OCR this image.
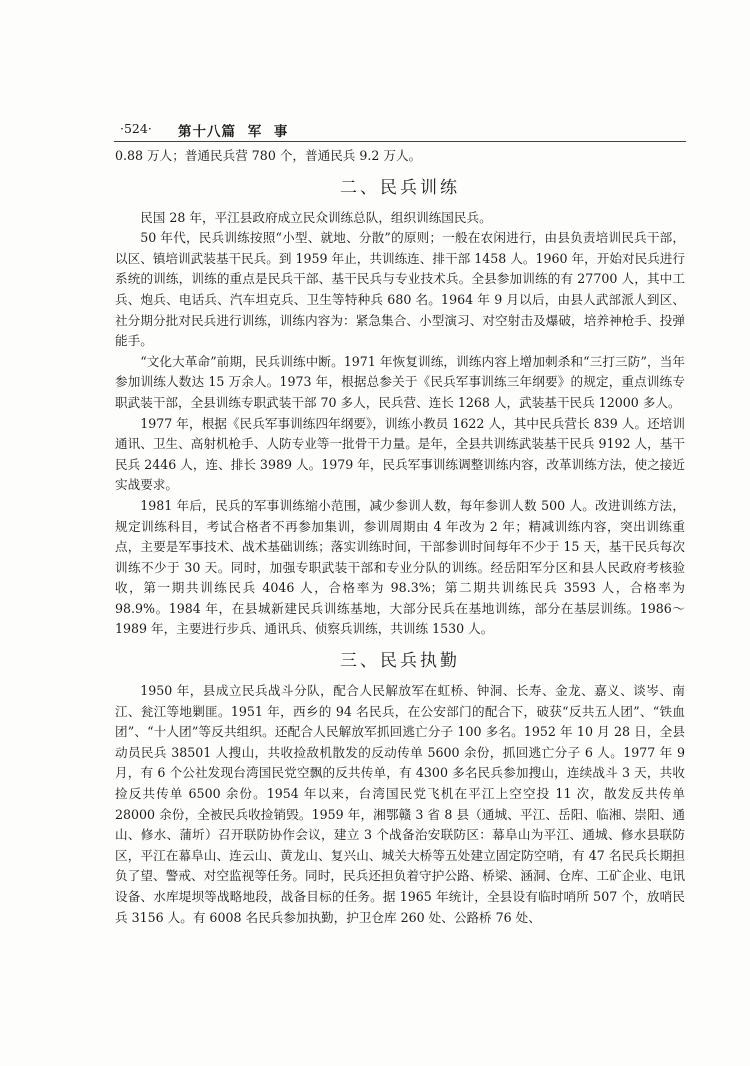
·524· 第十八篇 军 事

0.88 万人；普通民兵营 780 个，普通民兵 9.2 万人。

二、民兵训练

民国 28 年，平江县政府成立民众训练总队，组织训练国民兵。

50 年代，民兵训练按照“小型、就地、分散”的原则；一般在农闲进行，由县负责培训民兵干部，以区、镇培训武装基干民兵。到 1959 年止，共训练连、排干部 1458 人。1960 年，开始对民兵进行系统的训练，训练的重点是民兵干部、基干民兵与专业技术兵。全县参加训练的有 27700 人，其中工兵、炮兵、电话兵、汽车坦克兵、卫生等特种兵 680 名。1964 年 9 月以后，由县人武部派人到区、社分期分批对民兵进行训练，训练内容为：紧急集合、小型演习、对空射击及爆破，培养神枪手、投弹能手。

“文化大革命”前期，民兵训练中断。1971 年恢复训练，训练内容上增加刺杀和“三打三防”，当年参加训练人数达 15 万余人。1973 年，根据总参关于《民兵军事训练三年纲要》的规定，重点训练专职武装干部，全县训练专职武装干部 70 多人，民兵营、连长 1268 人，武装基干民兵 12000 多人。

1977 年，根据《民兵军事训练四年纲要》，训练小教员 1622 人，其中民兵营长 839 人。还培训通讯、卫生、高射机枪手、人防专业等一批骨干力量。是年，全县共训练武装基干民兵 9192 人，基干民兵 2446 人，连、排长 3989 人。1979 年，民兵军事训练调整训练内容，改革训练方法，使之接近实战要求。

1981 年后，民兵的军事训练缩小范围，减少参训人数，每年参训人数 500 人。改进训练方法，规定训练科目，考试合格者不再参加集训，参训周期由 4 年改为 2 年；精减训练内容，突出训练重点，主要是军事技术、战术基础训练；落实训练时间，干部参训时间每年不少于 15 天，基干民兵每次训练不少于 30 天。同时，加强专职武装干部和专业分队的训练。经岳阳军分区和县人民政府考核验收，第一期共训练民兵 4046 人，合格率为 98.3%；第二期共训练民兵 3593 人，合格率为 98.9%。1984 年，在县城新建民兵训练基地，大部分民兵在基地训练，部分在基层训练。1986～1989 年，主要进行步兵、通讯兵、侦察兵训练，共训练 1530 人。

三、民兵执勤

1950 年，县成立民兵战斗分队，配合人民解放军在虹桥、钟洞、长寿、金龙、嘉义、谈岑、南江、瓮江等地剿匪。1951 年，西乡的 94 名民兵，在公安部门的配合下，破获“反共五人团”、“铁血团”、“十人团”等反共组织。还配合人民解放军抓回逃亡分子 100 多名。1952 年 10 月 28 日，全县动员民兵 38501 人搜山，共收捡敌机散发的反动传单 5600 余份，抓回逃亡分子 6 人。1977 年 9 月，有 6 个公社发现台湾国民党空飘的反共传单，有 4300 多名民兵参加搜山，连续战斗 3 天，共收捡反共传单 6500 余份。1954 年以来，台湾国民党飞机在平江上空空投 11 次，散发反共传单 28000 余份，全被民兵收捡销毁。1959 年，湘鄂赣 3 省 8 县（通城、平江、岳阳、临湘、崇阳、通山、修水、蒲圻）召开联防协作会议，建立 3 个战备治安联防区：幕阜山为平江、通城、修水县联防区，平江在幕阜山、连云山、黄龙山、复兴山、城关大桥等五处建立固定防空哨，有 47 名民兵长期担负了望、警戒、对空监视等任务。同时，民兵还担负着守护公路、桥梁、涵洞、仓库、工矿企业、电讯设备、水库堤坝等战略地段，战备目标的任务。据 1965 年统计，全县设有临时哨所 507 个，放哨民兵 3156 人。有 6008 名民兵参加执勤，护卫仓库 260 处、公路桥 76 处、
